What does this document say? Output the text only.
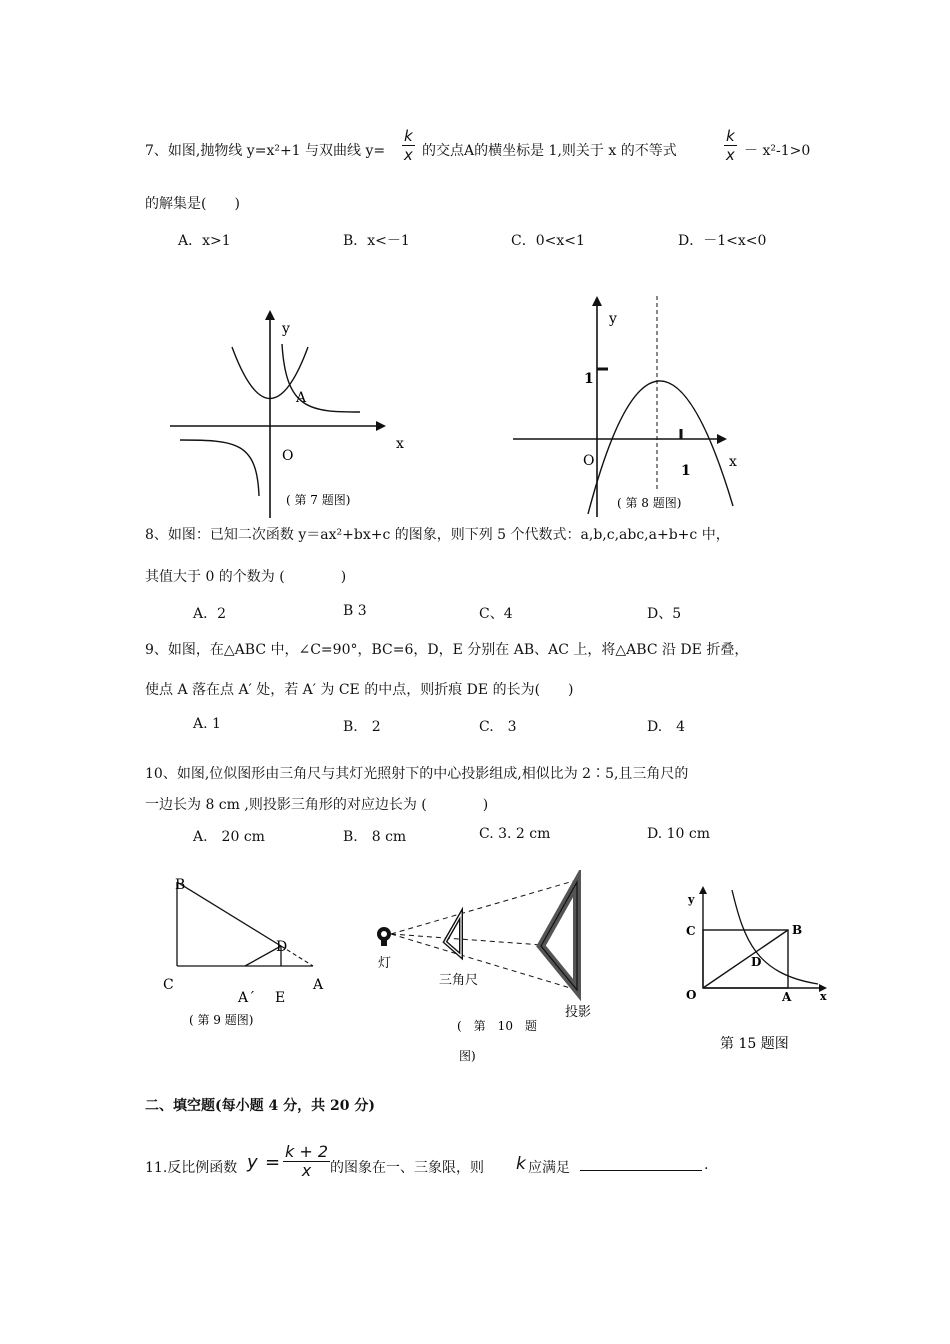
7、如图,抛物线 y=x²+1 与双曲线 $y= \frac{k}{x}$ 的交点A的横坐标是 1,则关于 x 的不等式	$\frac{k}{x} - x^2-1>0$
的解集是(　　)
A．x>1	B．x<－1	C．0<x<1	D．－1<x<0
y
A
x
O
( 第 7 题图)
y
1
O
1
x
( 第 8 题图)
8、如图：已知二次函数 y＝ax²+bx+c 的图象，则下列 5 个代数式：a,b,c,abc,a+b+c 中，
其值大于 0 的个数为 (　　　　)
A．2	B 3	C、4	D、5
9、如图，在△ABC 中，∠C=90°，BC=6，D，E 分别在 AB、AC 上，将△ABC 沿 DE 折叠，
使点 A 落在点 A′ 处，若 A′ 为 CE 的中点，则折痕 DE 的长为(　　)
A. 1	B.　2	C.　3	D.　4
10、如图,位似图形由三角尺与其灯光照射下的中心投影组成,相似比为 2∶5,且三角尺的
一边长为 8 cm ,则投影三角形的对应边长为 (　　　　)
A.　20 cm	B.　8 cm	C. 3. 2 cm	D. 10 cm
B
D
C
A´ E
A
( 第 9 题图)
灯
三角尺
投影
(　第　10　题
图)
y
C	B
D
O	A	x
第 15 题图
二、填空题(每小题 4 分，共 20 分)
11.反比例函数 $y = \frac{k + 2}{x}$ 的图象在一、三象限，则 k 应满足	.
